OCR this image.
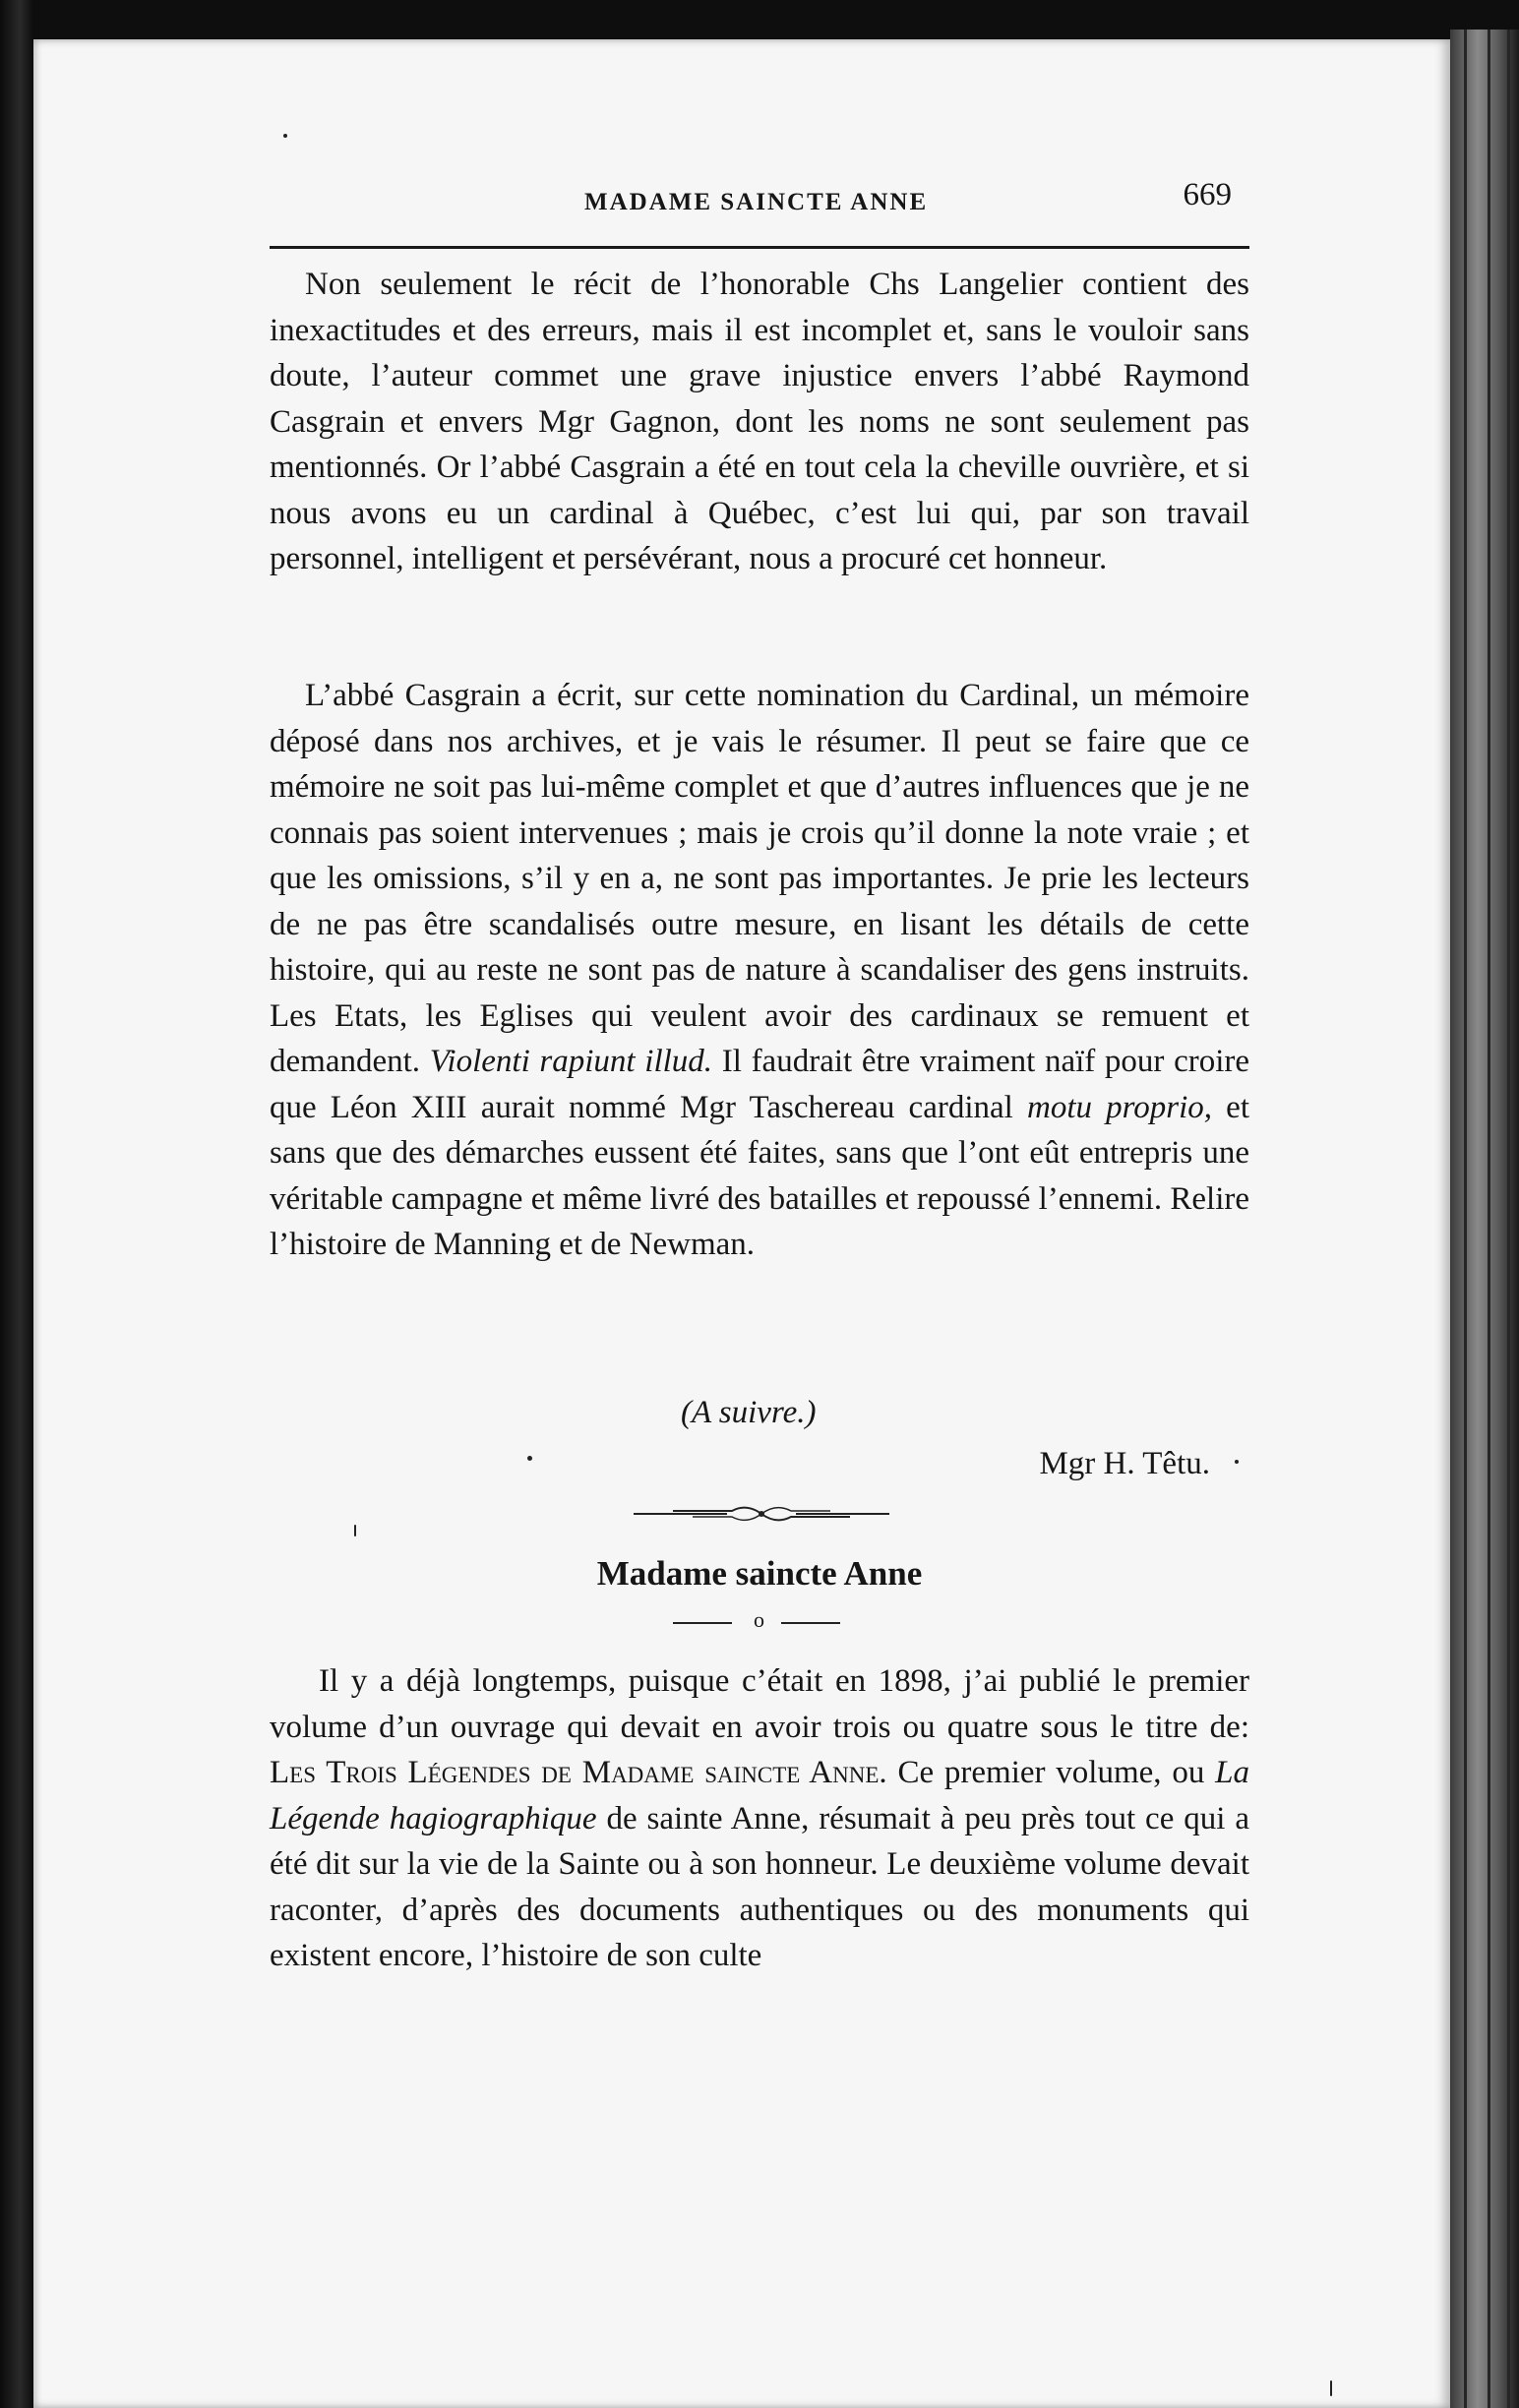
MADAME SAINCTE ANNE	669

Non seulement le récit de l’honorable Chs Langelier contient des inexactitudes et des erreurs, mais il est incomplet et, sans le vouloir sans doute, l’auteur commet une grave injustice envers l’abbé Raymond Casgrain et envers Mgr Gagnon, dont les noms ne sont seulement pas mentionnés. Or l’abbé Casgrain a été en tout cela la cheville ouvrière, et si nous avons eu un cardinal à Québec, c’est lui qui, par son travail personnel, intelligent et persévérant, nous a procuré cet honneur.

L’abbé Casgrain a écrit, sur cette nomination du Cardinal, un mémoire déposé dans nos archives, et je vais le résumer. Il peut se faire que ce mémoire ne soit pas lui-même complet et que d’autres influences que je ne connais pas soient intervenues ; mais je crois qu’il donne la note vraie ; et que les omissions, s’il y en a, ne sont pas importantes. Je prie les lecteurs de ne pas être scandalisés outre mesure, en lisant les détails de cette histoire, qui au reste ne sont pas de nature à scandaliser des gens instruits. Les Etats, les Eglises qui veulent avoir des cardinaux se remuent et demandent. Violenti rapiunt illud. Il faudrait être vraiment naïf pour croire que Léon XIII aurait nommé Mgr Taschereau cardinal motu proprio, et sans que des démarches eussent été faites, sans que l’ont eût entrepris une véritable campagne et même livré des batailles et repoussé l’ennemi. Relire l’histoire de Manning et de Newman.

(A suivre.)
Mgr H. Têtu.
Madame saincte Anne
o

Il y a déjà longtemps, puisque c’était en 1898, j’ai publié le premier volume d’un ouvrage qui devait en avoir trois ou quatre sous le titre de: Les Trois Légendes de Madame saincte Anne. Ce premier volume, ou La Légende hagiographique de sainte Anne, résumait à peu près tout ce qui a été dit sur la vie de la Sainte ou à son honneur. Le deuxième volume devait raconter, d’après des documents authentiques ou des monuments qui existent encore, l’histoire de son culte
